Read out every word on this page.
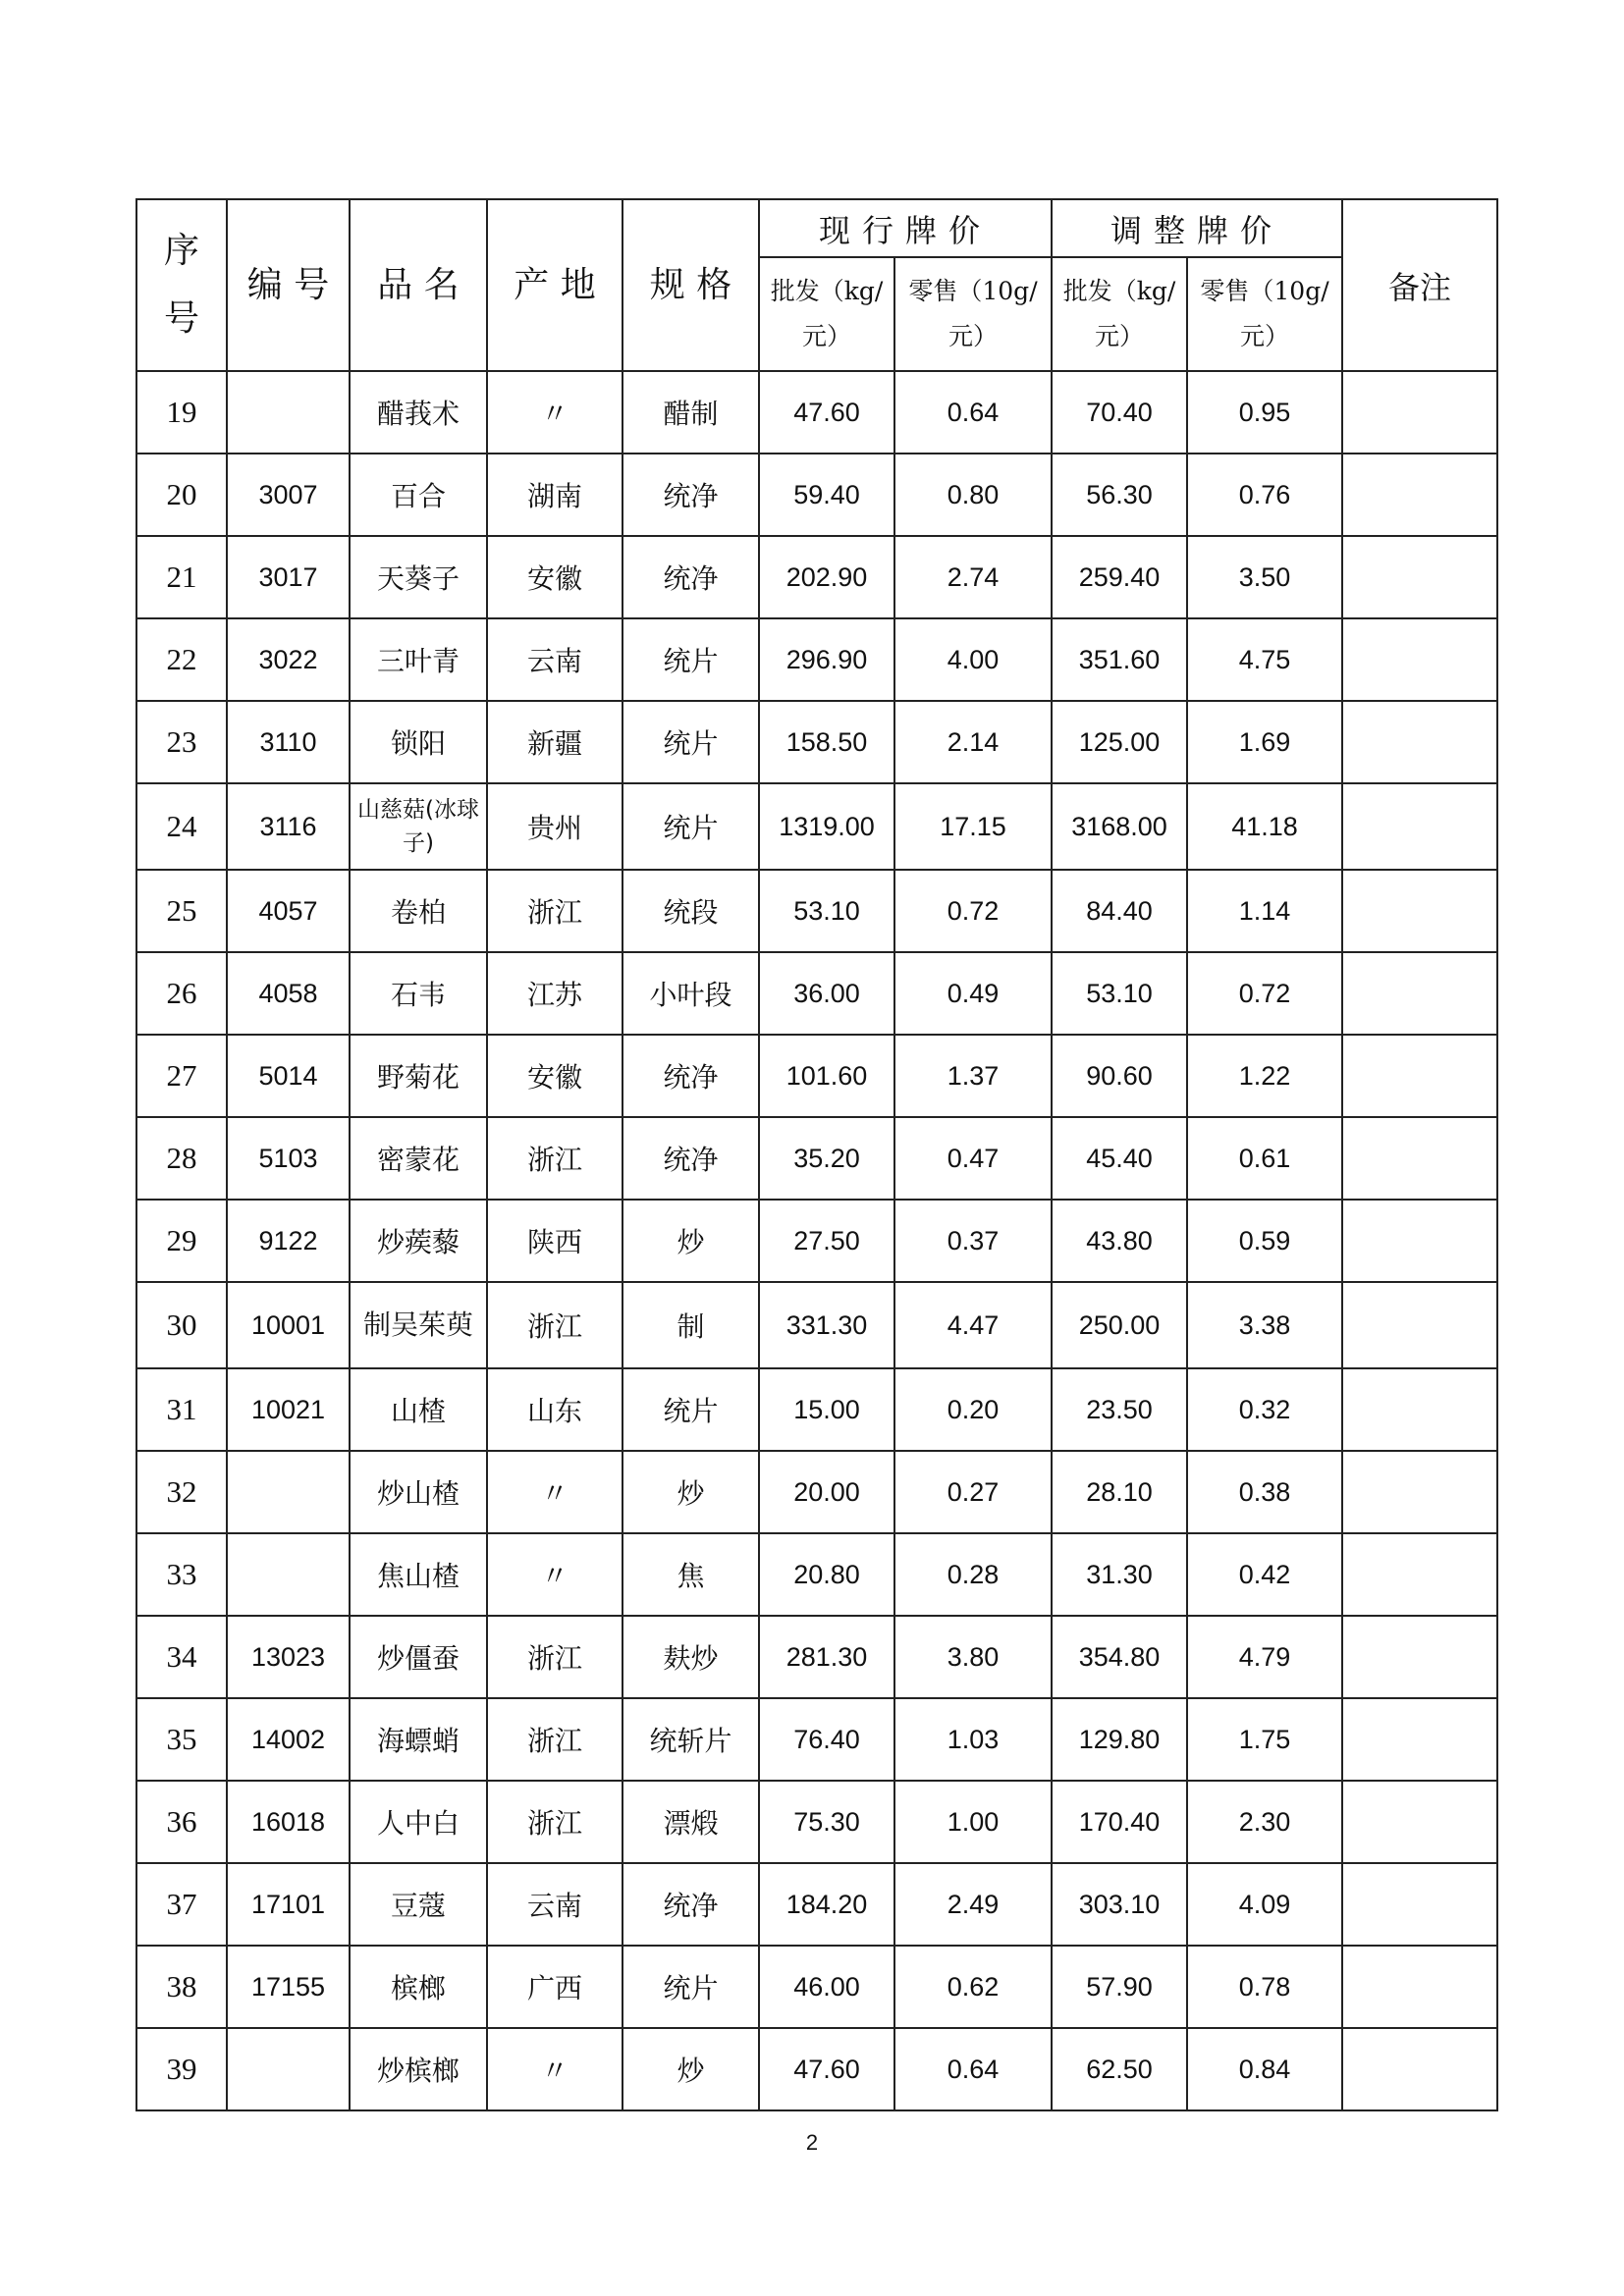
序号	编 号	品 名	产 地	规 格	现行牌价		调整牌价		备注
					批发（kg/元）	零售（10g/元）	批发（kg/元）	零售（10g/元）	
19		醋莪术	〃	醋制	47.60	0.64	70.40	0.95	
20	3007	百合	湖南	统净	59.40	0.80	56.30	0.76	
21	3017	天葵子	安徽	统净	202.90	2.74	259.40	3.50	
22	3022	三叶青	云南	统片	296.90	4.00	351.60	4.75	
23	3110	锁阳	新疆	统片	158.50	2.14	125.00	1.69	
24	3116	山慈菇(冰球子)	贵州	统片	1319.00	17.15	3168.00	41.18	
25	4057	卷柏	浙江	统段	53.10	0.72	84.40	1.14	
26	4058	石韦	江苏	小叶段	36.00	0.49	53.10	0.72	
27	5014	野菊花	安徽	统净	101.60	1.37	90.60	1.22	
28	5103	密蒙花	浙江	统净	35.20	0.47	45.40	0.61	
29	9122	炒蒺藜	陕西	炒	27.50	0.37	43.80	0.59	
30	10001	制吴茱萸	浙江	制	331.30	4.47	250.00	3.38	
31	10021	山楂	山东	统片	15.00	0.20	23.50	0.32	
32		炒山楂	〃	炒	20.00	0.27	28.10	0.38	
33		焦山楂	〃	焦	20.80	0.28	31.30	0.42	
34	13023	炒僵蚕	浙江	麸炒	281.30	3.80	354.80	4.79	
35	14002	海螵蛸	浙江	统斩片	76.40	1.03	129.80	1.75	
36	16018	人中白	浙江	漂煅	75.30	1.00	170.40	2.30	
37	17101	豆蔻	云南	统净	184.20	2.49	303.10	4.09	
38	17155	槟榔	广西	统片	46.00	0.62	57.90	0.78	
39		炒槟榔	〃	炒	47.60	0.64	62.50	0.84	
2
